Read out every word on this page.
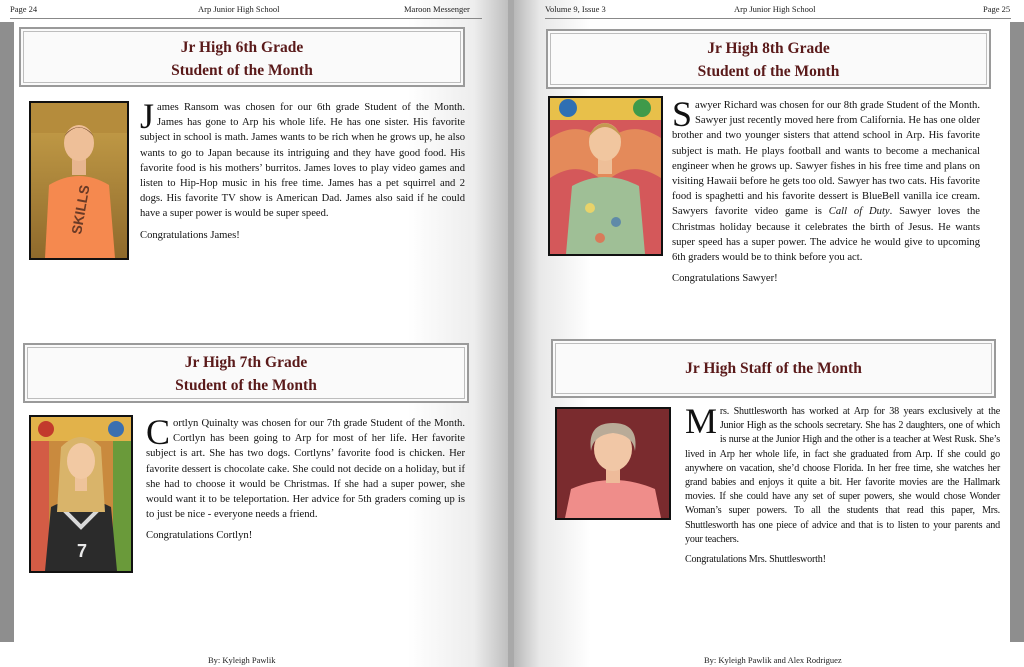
Page 24	Arp Junior High School	Maroon Messenger
Jr High 6th Grade
Student of the Month
SKILLS

James Ransom was chosen for our 6th grade Student of the Month. James has gone to Arp his whole life. He has one sister. His favorite subject in school is math. James wants to be rich when he grows up, he also wants to go to Japan because its intriguing and they have good food. His favorite food is his mothers’ burritos. James loves to play video games and listen to Hip-Hop music in his free time. James has a pet squirrel and 2 dogs. His favorite TV show is American Dad. James also said if he could have a super power is would be super speed.

Congratulations James!

Jr High 7th Grade
Student of the Month
7

Cortlyn Quinalty was chosen for our 7th grade Student of the Month. Cortlyn has been going to Arp for most of her life. Her favorite subject is art. She has two dogs. Cortlyns’ favorite food is chicken. Her favorite dessert is chocolate cake. She could not decide on a holiday, but if she had to choose it would be Christmas. If she had a super power, she would want it to be teleportation. Her advice for 5th graders coming up is to just be nice - everyone needs a friend.

Congratulations Cortlyn!

By: Kyleigh Pawlik
Volume 9, Issue 3	Arp Junior High School	Page 25
Jr High 8th Grade
Student of the Month

Sawyer Richard was chosen for our 8th grade Student of the Month. Sawyer just recently moved here from California. He has one older brother and two younger sisters that attend school in Arp. His favorite subject is math. He plays football and wants to become a mechanical engineer when he grows up. Sawyer fishes in his free time and plans on visiting Hawaii before he gets too old. Sawyer has two cats. His favorite food is spaghetti and his favorite dessert is BlueBell vanilla ice cream. Sawyers favorite video game is Call of Duty. Sawyer loves the Christmas holiday because it celebrates the birth of Jesus. He wants super speed has a super power. The advice he would give to upcoming 6th graders would be to think before you act.

Congratulations Sawyer!

Jr High Staff of the Month

Mrs. Shuttlesworth has worked at Arp for 38 years exclusively at the Junior High as the schools secretary. She has 2 daughters, one of which is nurse at the Junior High and the other is a teacher at West Rusk. She’s lived in Arp her whole life, in fact she graduated from Arp. If she could go anywhere on vacation, she’d choose Florida. In her free time, she watches her grand babies and enjoys it quite a bit. Her favorite movies are the Hallmark movies. If she could have any set of super powers, she would chose Wonder Woman’s super powers. To all the students that read this paper, Mrs. Shuttlesworth has one piece of advice and that is to listen to your parents and your teachers.

Congratulations Mrs. Shuttlesworth!

By: Kyleigh Pawlik and Alex Rodriguez
